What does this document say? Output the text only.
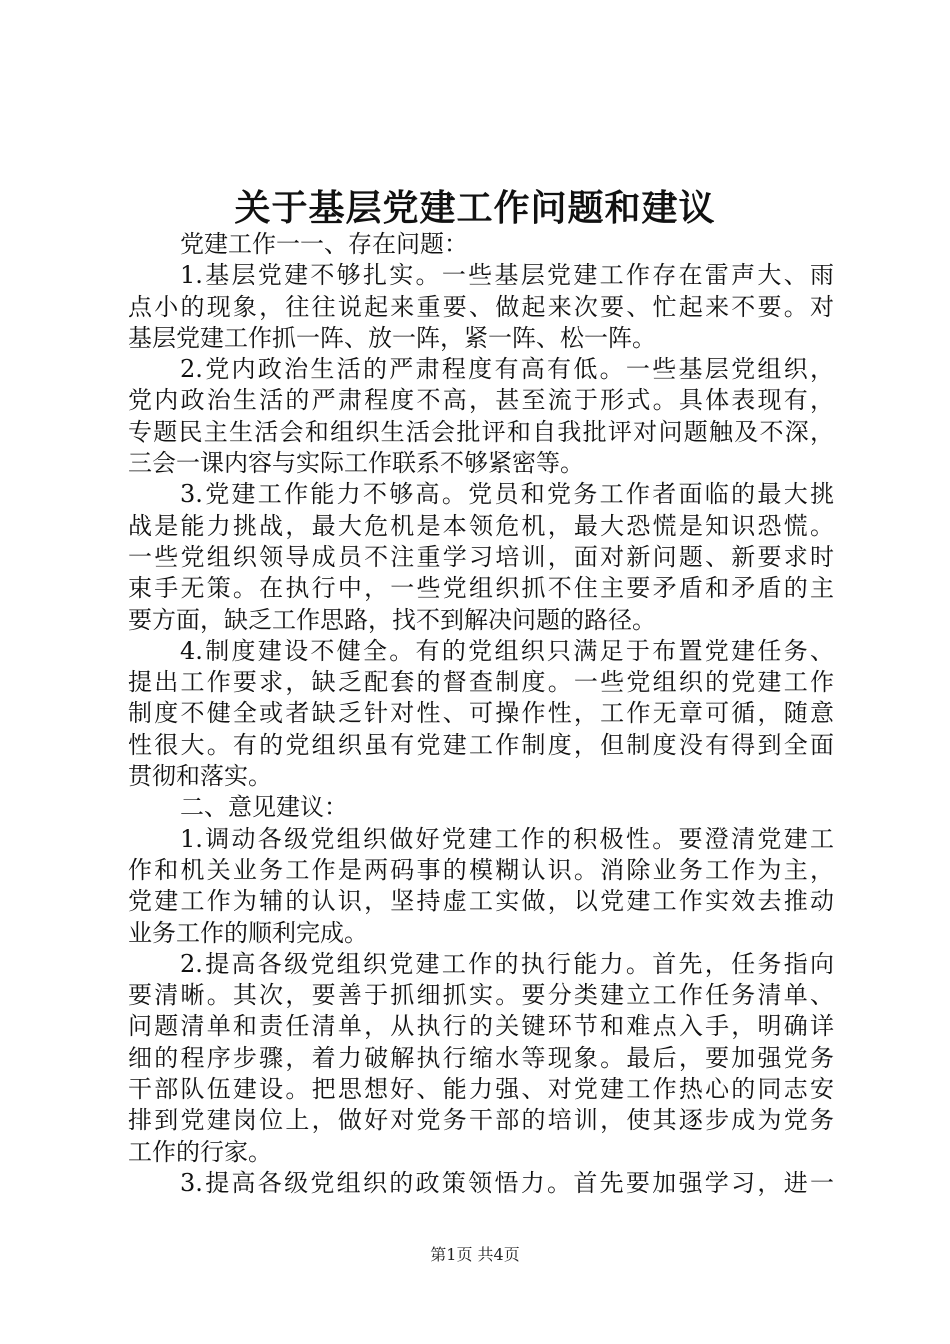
关于基层党建工作问题和建议
党建工作一一、存在问题：
1.基层党建不够扎实。一些基层党建工作存在雷声大、雨
点小的现象，往往说起来重要、做起来次要、忙起来不要。对
基层党建工作抓一阵、放一阵，紧一阵、松一阵。
2.党内政治生活的严肃程度有高有低。一些基层党组织，
党内政治生活的严肃程度不高，甚至流于形式。具体表现有，
专题民主生活会和组织生活会批评和自我批评对问题触及不深，
三会一课内容与实际工作联系不够紧密等。
3.党建工作能力不够高。党员和党务工作者面临的最大挑
战是能力挑战，最大危机是本领危机，最大恐慌是知识恐慌。
一些党组织领导成员不注重学习培训，面对新问题、新要求时
束手无策。在执行中，一些党组织抓不住主要矛盾和矛盾的主
要方面，缺乏工作思路，找不到解决问题的路径。
4.制度建设不健全。有的党组织只满足于布置党建任务、
提出工作要求，缺乏配套的督查制度。一些党组织的党建工作
制度不健全或者缺乏针对性、可操作性，工作无章可循，随意
性很大。有的党组织虽有党建工作制度，但制度没有得到全面
贯彻和落实。
二、意见建议：
1.调动各级党组织做好党建工作的积极性。要澄清党建工
作和机关业务工作是两码事的模糊认识。消除业务工作为主，
党建工作为辅的认识，坚持虚工实做，以党建工作实效去推动
业务工作的顺利完成。
2.提高各级党组织党建工作的执行能力。首先，任务指向
要清晰。其次，要善于抓细抓实。要分类建立工作任务清单、
问题清单和责任清单，从执行的关键环节和难点入手，明确详
细的程序步骤，着力破解执行缩水等现象。最后，要加强党务
干部队伍建设。把思想好、能力强、对党建工作热心的同志安
排到党建岗位上，做好对党务干部的培训，使其逐步成为党务
工作的行家。
3.提高各级党组织的政策领悟力。首先要加强学习，进一
第1页 共4页
